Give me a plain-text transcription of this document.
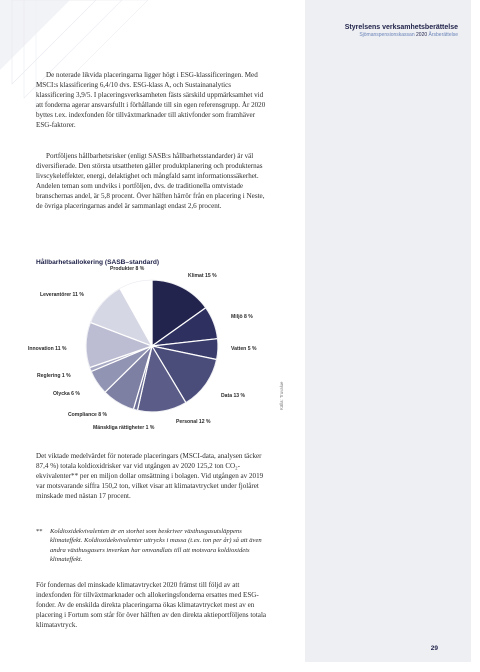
Styrelsens verksamhetsberättelse
Sjömanspensionskassan 2020 Årsberättelse

De noterade likvida placeringarna ligger högt i ESG-klassificeringen. Med MSCI:s klassificering 6,4/10 dvs. ESG-klass A, och Sustainanalytics klassificering 3,9/5. I placeringsverksamheten fästs särskild uppmärksamhet vid att fonderna agerar ansvarsfullt i förhållande till sin egen referensgrupp. År 2020 byttes t.ex. indexfonden för tillväxtmarknader till aktivfonder som framhäver ESG-faktorer.

Portföljens hållbarhetsrisker (enligt SASB:s hållbarhetsstandarder) är väl diversifierade. Den största utsattheten gäller produktplanering och produkternas livscykeleffekter, energi, delaktighet och mångfald samt informationssäkerhet. Andelen teman som undviks i portföljen, dvs. de traditionella omtvistade branschernas andel, är 5,8 procent. Över hälften härrör från en placering i Neste, de övriga placeringarnas andel är sammanlagt endast 2,6 procent.

Hållbarhetsallokering (SASB–standard)
Klimat 15 %
Miljö 8 %
Vatten 5 %
Data 13 %
Personal 12 %
Mänskliga rättigheter 1 %
Compliance 8 %
Olycka 6 %
Reglering 1 %
Innovation 11 %
Leverantörer 11 %
Produkter 8 %
Källa: Truvalue

Det viktade medelvärdet för noterade placeringars (MSCI-data, analysen täcker 87,4 %) totala koldioxidrisker var vid utgången av 2020 125,2 ton CO₂-ekvivalenter** per en miljon dollar omsättning i bolagen. Vid utgången av 2019 var motsvarande siffra 150,2 ton, vilket visar att klimatavtrycket under fjolåret minskade med nästan 17 procent.

** Koldioxidekvivalenten är en storhet som beskriver växthusgasutsläppens klimateffekt. Koldioxidekvivalenter uttrycks i massa (t.ex. ton per år) så att även andra växthusgasers inverkan har omvandlats till att motsvara koldioxidets klimateffekt.

För fondernas del minskade klimatavtrycket 2020 främst till följd av att indexfonden för tillväxtmarknader och allokeringsfonderna ersattes med ESG-fonder. Av de enskilda direkta placeringarna ökas klimatavtrycket mest av en placering i Fortum som står för över hälften av den direkta aktieportföljens totala klimatavtryck.

29
